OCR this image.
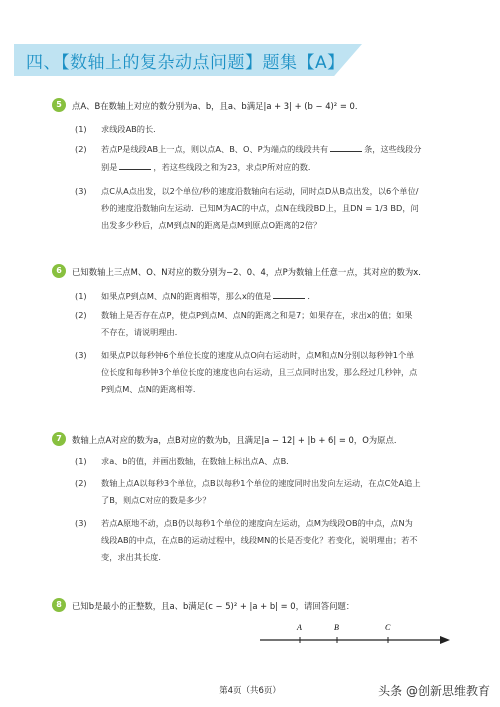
四、【数轴上的复杂动点问题】题集【A】
5	点A、B在数轴上对应的数分别为a、b，且a、b满足|a + 3| + (b − 4)² = 0．
(1) 求线段AB的长．
(2) 若点P是线段AB上一点，则以点A、B、O、P为端点的线段共有	条，这些线段分
别是	，若这些线段之和为23，求点P所对应的数．
(3) 点C从A点出发，以2个单位/秒的速度沿数轴向右运动，同时点D从B点出发，以6个单位/
秒的速度沿数轴向左运动．已知M为AC的中点，点N在线段BD上，且DN = 1/3 BD，问
出发多少秒后，点M到点N的距离是点M到原点O距离的2倍？
6	已知数轴上三点M、O、N对应的数分别为−2、0、4，点P为数轴上任意一点，其对应的数为x．
(1) 如果点P到点M、点N的距离相等，那么x的值是	．
(2) 数轴上是否存在点P，使点P到点M、点N的距离之和是7；如果存在，求出x的值；如果
不存在，请说明理由．
(3) 如果点P以每秒钟6个单位长度的速度从点O向右运动时，点M和点N分别以每秒钟1个单
位长度和每秒钟3个单位长度的速度也向右运动，且三点同时出发，那么经过几秒钟，点
P到点M、点N的距离相等．
7	数轴上点A对应的数为a，点B对应的数为b，且满足|a − 12| + |b + 6| = 0，O为原点．
(1) 求a、b的值，并画出数轴，在数轴上标出点A、点B．
(2) 数轴上点A以每秒3个单位，点B以每秒1个单位的速度同时出发向左运动，在点C处A追上
了B，则点C对应的数是多少？
(3) 若点A原地不动，点B仍以每秒1个单位的速度向左运动，点M为线段OB的中点，点N为
线段AB的中点，在点B的运动过程中，线段MN的长是否变化？若变化，说明理由；若不
变，求出其长度．
8	已知b是最小的正整数，且a、b满足(c − 5)² + |a + b| = 0，请回答问题：
A	B	C
第4页（共6页）	头条 @创新思维教育
